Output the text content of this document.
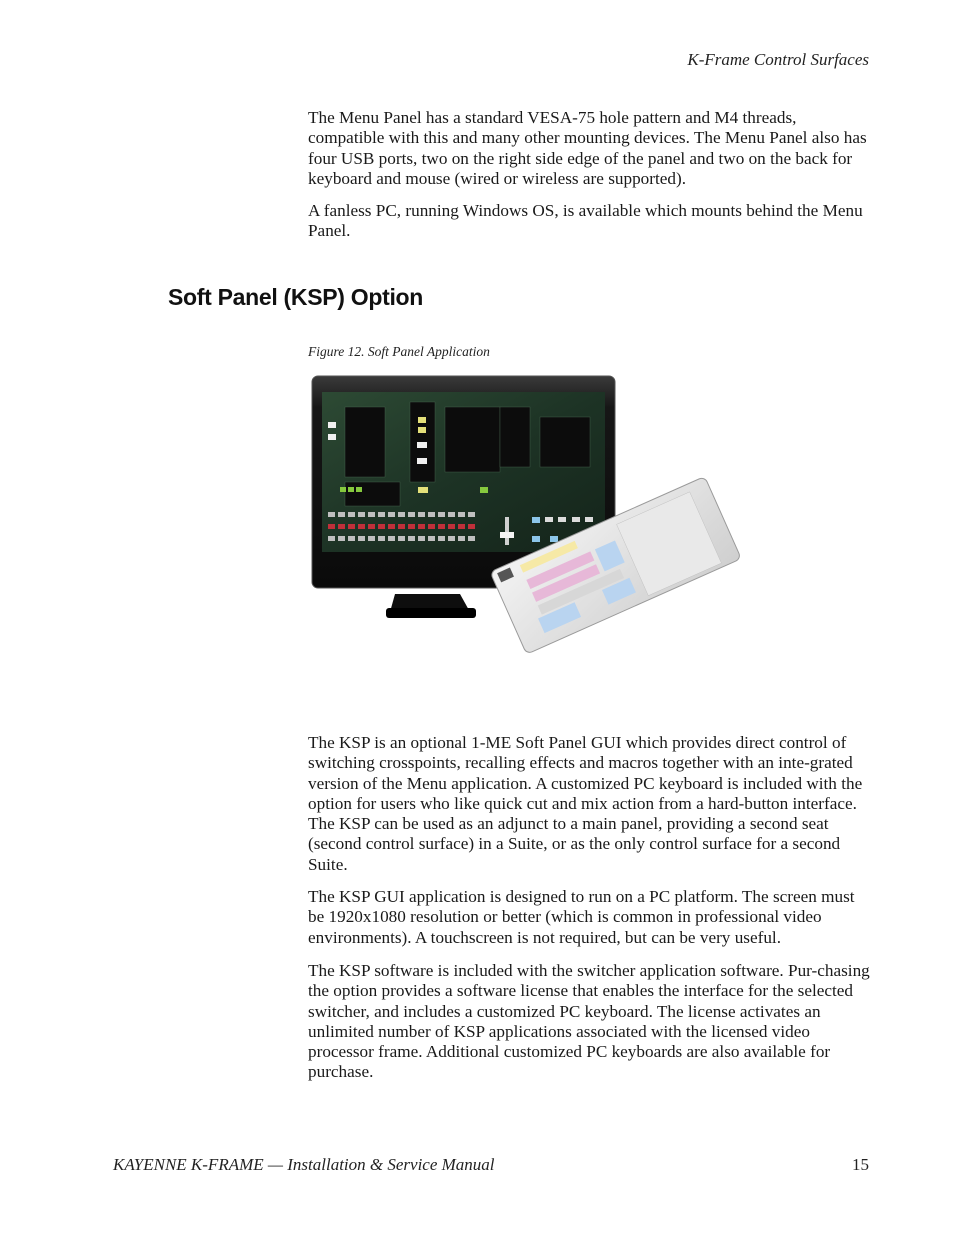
K-Frame Control Surfaces

The Menu Panel has a standard VESA-75 hole pattern and M4 threads, compatible with this and many other mounting devices. The Menu Panel also has four USB ports, two on the right side edge of the panel and two on the back for keyboard and mouse (wired or wireless are supported).

A fanless PC, running Windows OS, is available which mounts behind the Menu Panel.

Soft Panel (KSP) Option
Figure 12. Soft Panel Application

The KSP is an optional 1-ME Soft Panel GUI which provides direct control of switching crosspoints, recalling effects and macros together with an inte-grated version of the Menu application. A customized PC keyboard is included with the option for users who like quick cut and mix action from a hard-button interface. The KSP can be used as an adjunct to a main panel, providing a second seat (second control surface) in a Suite, or as the only control surface for a second Suite.

The KSP GUI application is designed to run on a PC platform. The screen must be 1920x1080 resolution or better (which is common in professional video environments). A touchscreen is not required, but can be very useful.

The KSP software is included with the switcher application software. Pur-chasing the option provides a software license that enables the interface for the selected switcher, and includes a customized PC keyboard. The license activates an unlimited number of KSP applications associated with the licensed video processor frame. Additional customized PC keyboards are also available for purchase.

KAYENNE K-FRAME — Installation & Service Manual	15
